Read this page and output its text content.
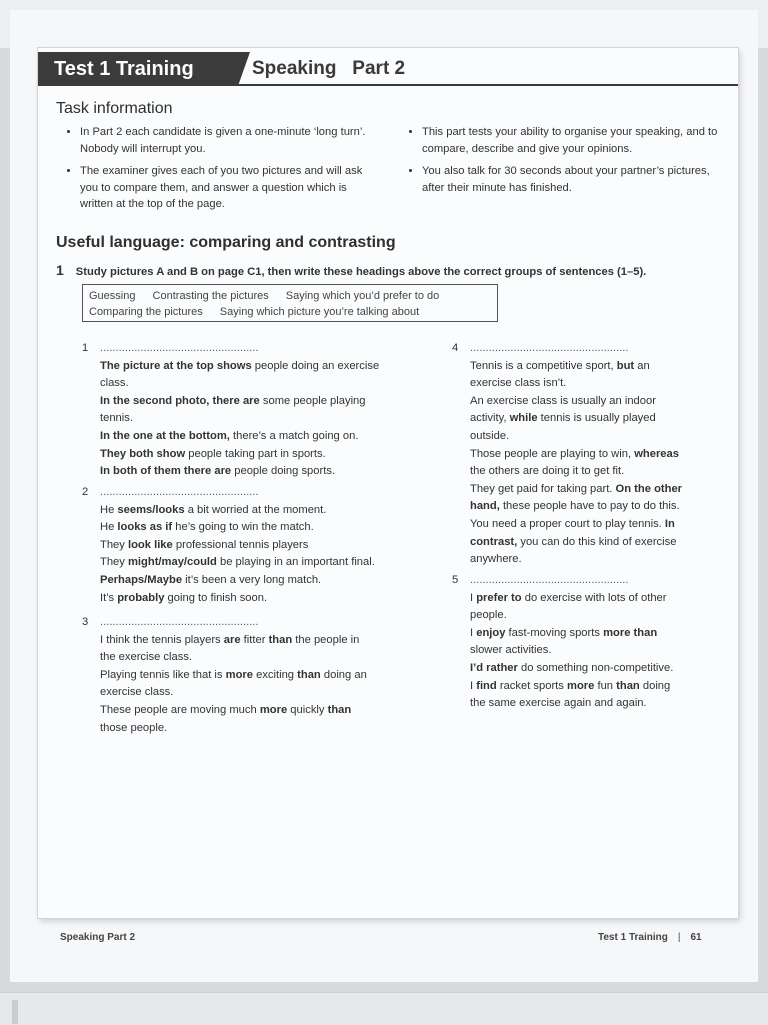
Test 1 Training	Speaking   Part 2
Task information
• In Part 2 each candidate is given a one-minute ‘long turn’. Nobody will interrupt you.
• The examiner gives each of you two pictures and will ask you to compare them, and answer a question which is written at the top of the page.
• This part tests your ability to organise your speaking, and to compare, describe and give your opinions.
• You also talk for 30 seconds about your partner’s pictures, after their minute has finished.
Useful language: comparing and contrasting
1 Study pictures A and B on page C1, then write these headings above the correct groups of sentences (1–5).
Guessing Contrasting the pictures Saying which you’d prefer to do
Comparing the pictures Saying which picture you’re talking about
1 ...................................................

The picture at the top shows people doing an exercise

class.

In the second photo, there are some people playing

tennis.

In the one at the bottom, there’s a match going on.

They both show people taking part in sports.

In both of them there are people doing sports.

2 ...................................................

He seems/looks a bit worried at the moment.

He looks as if he’s going to win the match.

They look like professional tennis players

They might/may/could be playing in an important final.

Perhaps/Maybe it’s been a very long match.

It’s probably going to finish soon.

3 ...................................................

I think the tennis players are fitter than the people in

the exercise class.

Playing tennis like that is more exciting than doing an

exercise class.

These people are moving much more quickly than

those people.

4 ...................................................

Tennis is a competitive sport, but an

exercise class isn’t.

An exercise class is usually an indoor

activity, while tennis is usually played

outside.

Those people are playing to win, whereas

the others are doing it to get fit.

They get paid for taking part. On the other

hand, these people have to pay to do this.

You need a proper court to play tennis. In

contrast, you can do this kind of exercise

anywhere.

5 ...................................................

I prefer to do exercise with lots of other

people.

I enjoy fast-moving sports more than

slower activities.

I’d rather do something non-competitive.

I find racket sports more fun than doing

the same exercise again and again.

Speaking Part 2	Test 1 Training | 61
